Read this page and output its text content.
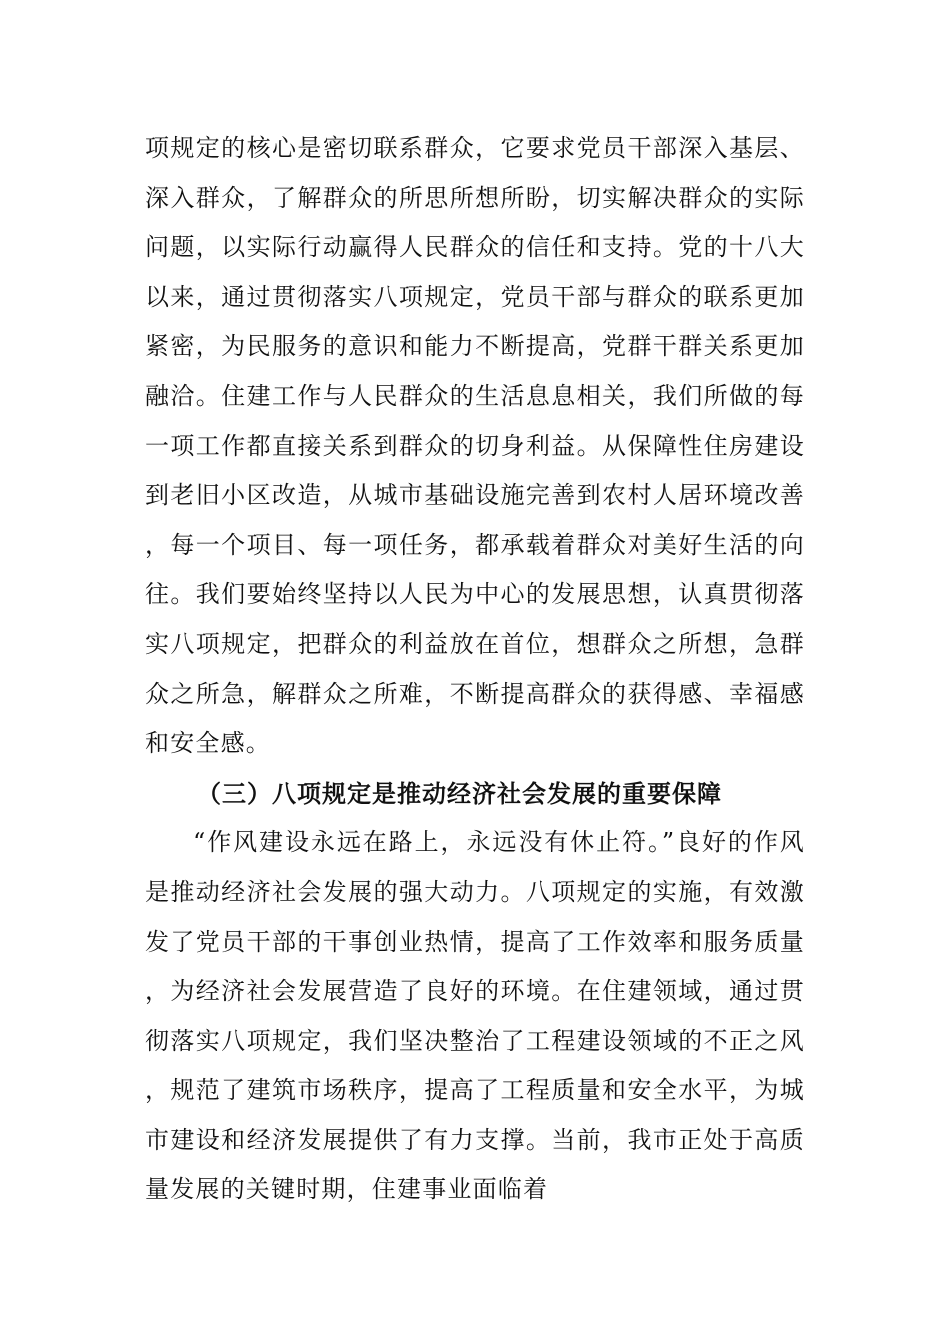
项规定的核心是密切联系群众，它要求党员干部深入基层、深入群众，了解群众的所思所想所盼，切实解决群众的实际问题，以实际行动赢得人民群众的信任和支持。党的十八大以来，通过贯彻落实八项规定，党员干部与群众的联系更加紧密，为民服务的意识和能力不断提高，党群干群关系更加融洽。住建工作与人民群众的生活息息相关，我们所做的每一项工作都直接关系到群众的切身利益。从保障性住房建设到老旧小区改造，从城市基础设施完善到农村人居环境改善，每一个项目、每一项任务，都承载着群众对美好生活的向往。我们要始终坚持以人民为中心的发展思想，认真贯彻落实八项规定，把群众的利益放在首位，想群众之所想，急群众之所急，解群众之所难，不断提高群众的获得感、幸福感和安全感。

（三）八项规定是推动经济社会发展的重要保障

“作风建设永远在路上，永远没有休止符。”良好的作风是推动经济社会发展的强大动力。八项规定的实施，有效激发了党员干部的干事创业热情，提高了工作效率和服务质量，为经济社会发展营造了良好的环境。在住建领域，通过贯彻落实八项规定，我们坚决整治了工程建设领域的不正之风，规范了建筑市场秩序，提高了工程质量和安全水平，为城市建设和经济发展提供了有力支撑。当前，我市正处于高质量发展的关键时期，住建事业面临着
